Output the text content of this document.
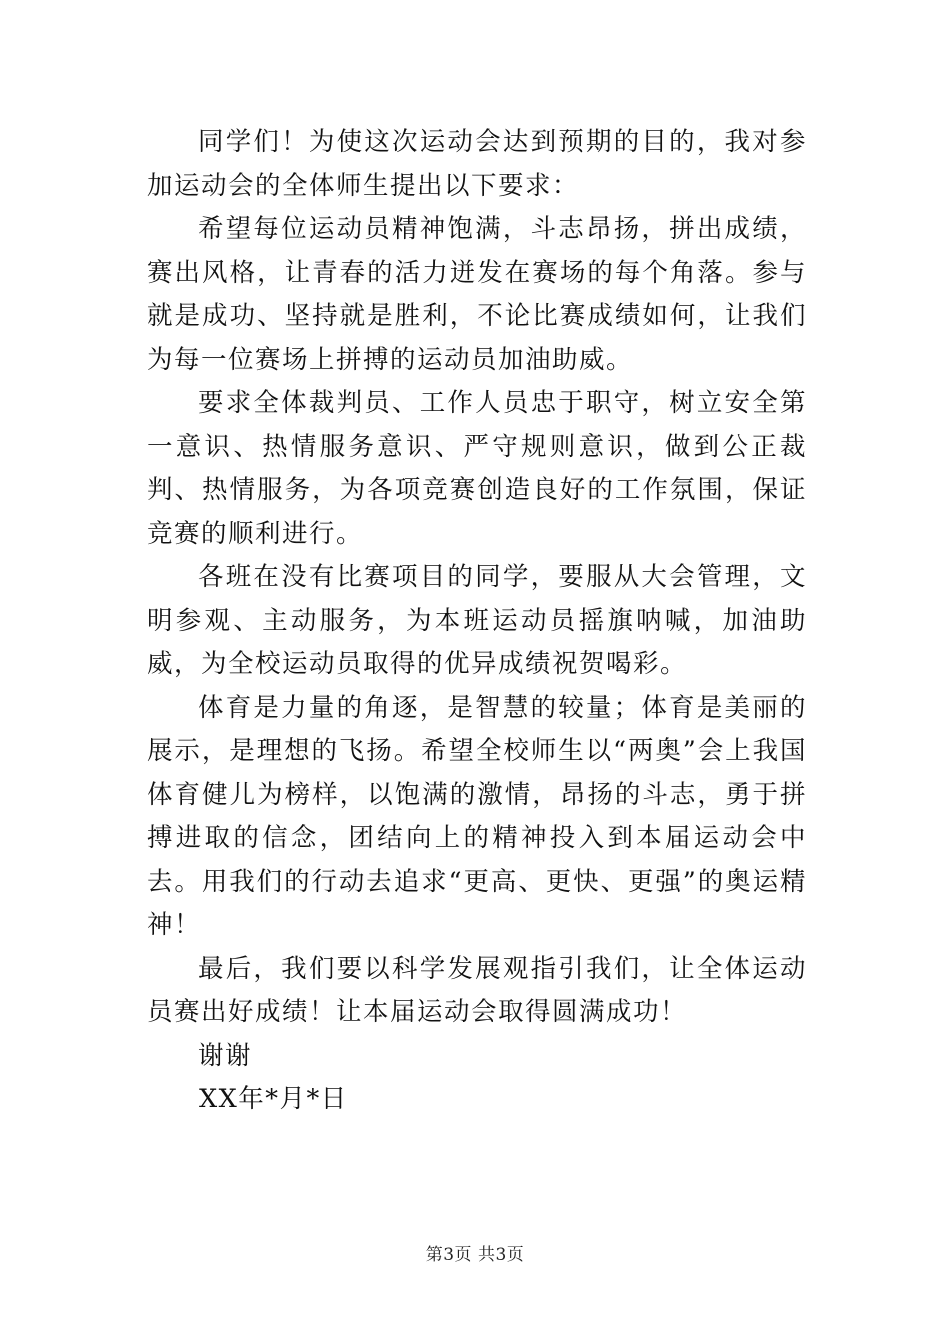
同学们！为使这次运动会达到预期的目的，我对参加运动会的全体师生提出以下要求：

希望每位运动员精神饱满，斗志昂扬，拼出成绩，赛出风格，让青春的活力迸发在赛场的每个角落。参与就是成功、坚持就是胜利，不论比赛成绩如何，让我们为每一位赛场上拼搏的运动员加油助威。

要求全体裁判员、工作人员忠于职守，树立安全第一意识、热情服务意识、严守规则意识，做到公正裁判、热情服务，为各项竞赛创造良好的工作氛围，保证竞赛的顺利进行。

各班在没有比赛项目的同学，要服从大会管理，文明参观、主动服务，为本班运动员摇旗呐喊，加油助威，为全校运动员取得的优异成绩祝贺喝彩。

体育是力量的角逐，是智慧的较量；体育是美丽的展示，是理想的飞扬。希望全校师生以“两奥”会上我国体育健儿为榜样，以饱满的激情，昂扬的斗志，勇于拼搏进取的信念，团结向上的精神投入到本届运动会中去。用我们的行动去追求“更高、更快、更强”的奥运精神！

最后，我们要以科学发展观指引我们，让全体运动员赛出好成绩！让本届运动会取得圆满成功！

谢谢

XX年*月*日

第3页 共3页
